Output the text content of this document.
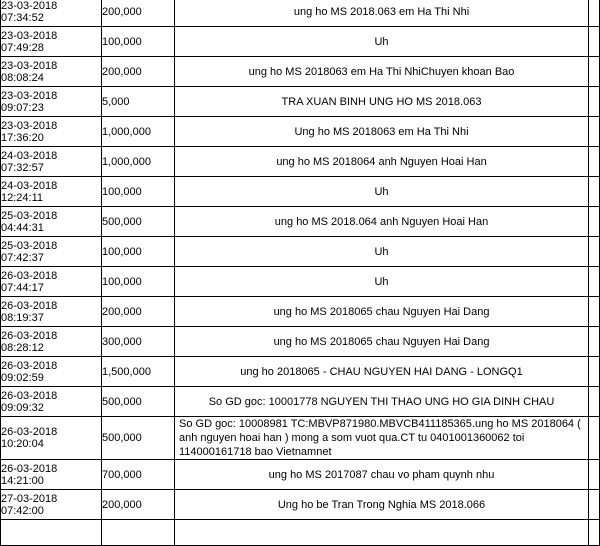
23-03-2018 07:34:52	200,000	ung ho MS 2018.063 em Ha Thi Nhi	
23-03-2018 07:49:28	100,000	Uh	
23-03-2018 08:08:24	200,000	ung ho MS 2018063 em Ha Thi NhiChuyen khoan Bao	
23-03-2018 09:07:23	5,000	TRA XUAN BINH UNG HO MS 2018.063	
23-03-2018 17:36:20	1,000,000	Ung ho MS 2018063 em Ha Thi Nhi	
24-03-2018 07:32:57	1,000,000	ung ho MS 2018064 anh Nguyen Hoai Han	
24-03-2018 12:24:11	100,000	Uh	
25-03-2018 04:44:31	500,000	ung ho MS 2018.064 anh Nguyen Hoai Han	
25-03-2018 07:42:37	100,000	Uh	
26-03-2018 07:44:17	100,000	Uh	
26-03-2018 08:19:37	200,000	ung ho MS 2018065 chau Nguyen Hai Dang	
26-03-2018 08:28:12	300,000	ung ho MS 2018065 chau Nguyen Hai Dang	
26-03-2018 09:02:59	1,500,000	ung ho 2018065 - CHAU NGUYEN HAI DANG - LONGQ1	
26-03-2018 09:09:32	500,000	So GD goc: 10001778 NGUYEN THI THAO UNG HO GIA DINH CHAU	
26-03-2018 10:20:04	500,000	So GD goc: 10008981 TC:MBVP871980.MBVCB411185365.ung ho MS 2018064 ( anh nguyen hoai han ) mong a som vuot qua.CT tu 0401001360062 toi 114000161718 bao Vietnamnet	
26-03-2018 14:21:00	700,000	ung ho MS 2017087 chau vo pham quynh nhu	
27-03-2018 07:42:00	200,000	Ung ho be Tran Trong Nghia MS 2018.066	
